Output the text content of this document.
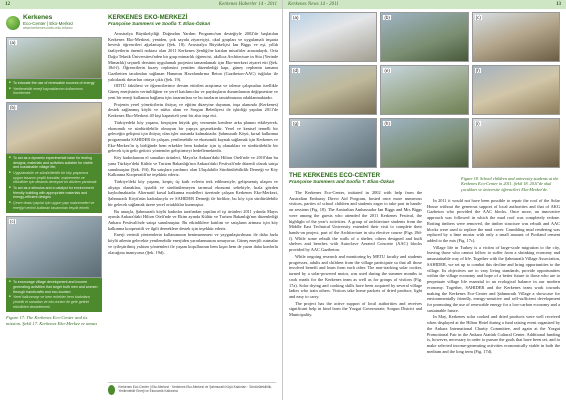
12	Kerkenes Haberler 14 - 2011
Kerkenes
Eco-Center | Eko-Merkez
www.kerkenes.metu.edu.tr/keco
(a)
■ To educate the use of renewable sources of energy
■ Yenilenebilir enerji kaynaklarının kullanımını öncelemek
(b)
■ To act as a dynamic experimental base for testing designs, materials and activities suitable for viable and sustainable village life;
■ Uygulanabilir ve sürdürülebilir bir köy yaşamına uygun tasarım çeşitli konutlar, malzemeler ve etkinlikler için dinamik deneysel bir düzlem yaratmak
■ To act as a stimulus and a catalyst for environment friendly building with appropriate materials and energy-efficient designs
■ Çevre dostu yapılar için uygun yapı malzemeleri ve enerjiyi verimli kullanan tasarımları teşvik etmek
(c)
■ To encourage village development and income generating activities that target both men and women through handicrafts and eco-tourism
■ Yerel kalkınmayı ve hem erkekler hem kadınlara yönelik el sanatları ve eko-turizm ile gelir getirici etkinlikleri desteklemek
Figure 17. The Kerkenes Eco-Center and its mission. Şekil 17. Kerkenes Eko-Merkez ve amacı
KERKENES EKO-MERKEZİ
Françoise Summers ve Soofia T. Elias-Özkan

Avustralya Büyükelçiliği Doğrudan Yardım Programı'nın desteğiyle 2002'de başlatılan Kerkenes Eko-Merkezi, yeniden, çok sayıda ziyaretçiyi, okul grupları ve uygulamalı inşaata heveslı öğrencileri ağırlamıştır (Şek. 18). Avustralya Büyükelçisi Ian Biggs ve eşi, yıllık faaliyetlerin önemli noktası olan 2011 Kerkenes Şenliği'ne katılan misafirler arasındaydı. Orta Doğu Teknik Üniversitesi'nden bir grup mimarlık öğrencisi, akıllıca Architecture in Situ (Yerinde Mimarlık) seçmeli dersinin uygulamalı projesini tamamlamak için Eko-merkezi ziyaret etti (Şek. 18d-f). Öğrencilerin kuzey cephesini yeniden düzenlediği kapı, güney cephenin tamamı Gazibetten tarafından sağlanan Hanımın Havalandırma Beton (Gazibeton-AAC) tuğlalar ile yalıtılarak duvarları ortaya çıktı (Şek. 19).

ODTÜ fakültesi ve öğrencilerince devam ettirilen araştırma ve izleme çalışmaları özellikle Güneş enerjisinin verimliliğine ve yerel katılımcılar ve paydaşların durumlarının değişmesine ve yeni bir enerji kullanım bağlamı için tasarımlara ve bu tarzların tanıtılmasına odaklanmaktadır.

Projenin yerel yöneticilerin ihtiyaç ve eğitim düzeyine dayanan, inşa alanında (Kerkenes) destek sağlanmış köylü ve nüfus alanı ve Sorgun Belediyesi ile işbirliği yapılan 2011'de Kerkenes Eko-Merkezi 40 kişi kapasiteli yeni bir ahır inşa etti.

Türkiyedeki köy yaşamı, kerpiçten büyük göç vermenin kentlere arka planını etkileyerek, ekonomik ve sürdürülebilir olmayan bir yapıya geçmektedir. Yerel ve kentsel temelli bir geleceğin gelişimi için ihtiyaç olan işler arasında kalmaktadır. Şahmuratlı Köyü, kırsal kalkınma programında SAHIDER ile çalışan, yenilenebilir ve ekonomik kaynak sağlamak için Kerkenes ve Eko-Merkez'in iş birliğinde hem erkekler hem kadınlar için iş olanakları ve sürdürülebilir bir gelecek için gelir getirici yöntemler geliştirmeyi hedeflemektedir.

Köy kadınlarının el sanatları ürünleri, Mayıs'ta Ankara'daki Hilton Oteli'nde ve 2010'dan bu yana Türkiye'deki Kültür ve Turizm Bakanlığı'nın Ankara'daki Festivali'nde düzenli olarak satışa sunulmuştur (Şek. 19f). Bu satışlara yardımcı olan Ulaşılabilir Sürdürülebilirlik Derneği ve Köy Kalkınma Kooperatifi'ne teşekkür ederiz.

Türkiye'deki köy yaşamı, kerpiç üç katlı evlerin terk edilmesiyle, gelişmemiş ulaşım ve altyapı olanakları, işsizlik ve sürdürülemeyen tarımsal ekonomi sebebiyle, hızla gözden kaybolmaktadır. Alternatif kırsal kalkınma modelleri üzerinde çalışan Kerkenes Eko-Merkezi, Şahmuratlı Köyü'nün kadınlarıyla ve SAHIDER Derneği ile birlikte, bu köy için sürdürülebilir bir gelecek sağlamak üzere yerel ortaklıklar kurmuştur.

Bu amaçla, Şahmuratlı köylü kadınlar tarafından yapılan el işi ürünleri 2011 yılında Mayıs ayında Ankara'daki Hilton Oteli'nde ve Ekim ayında Kültür ve Turizm Bakanlığı'nın düzenlediği Ankara Festivali'nde satışa sunulmuştur. Bu etkinliklere katılım ve satışların artması için köy kalkınma kooperatifi ve ilgili derneklere destek için teşekkür ederiz.

Enerji verimli yöntemlerin kullanımının benimsenmesi ve yaygınlaştırılması ile daha fazla köylü ailenin gelecekte yenilenebilir enerjiden yararlanmasını umuyoruz. Güneş enerjili ısıtmalar ve iyileştirilmiş yalıtım yöntemleri ile yaşam koşullarının hem kışın hem de yazın daha konforlu olacağına inanıyoruz (Şek. 19d).

Kerkenes Eco-Center | Eko-Merkezi · Kerkenes Eko-Merkezi ve Şahmuratlı Köyü Kadınları · Sürdürülebilirlik, Yenilenebilir Enerji ve Ekonomik Kalkınma
Kerkenes News 14 - 2011	13
(a)	(b)	(c)
(d)	(e)	(f)
(g)	(h)	(i)
THE KERKENES ECO-CENTER
Françoise Summers and Soofia T. Elias-Özkan
Figure 18. School children and university students at the Kerkenes Eco-Center in 2011. Şekil 18. 2011'de okul çocukları ve üniversite öğrencileri Eko-Merkez'de.

The Kerkenes Eco-Center, initiated in 2002 with help from the Australian Embassy Direct Aid Program, hosted once more numerous visitors, parties of school children and students eager to take part in hands-on sessions (Fig. 18). The Australian Ambassador Ian Biggs and Mrs Biggs were among the guests who attended the 2011 Kerkenes Festival, the highlight of the year's activities. A group of architecture students from the Middle East Technical University extended their visit to complete their hands-on project, part of the Architecture in situ elective course (Figs 18d-f). While some rebuilt the walls of a shelter, others designed and built shelves and benches with Autoclave Aerated Concrete (AAC) blocks provided by AAC Gazibeton.

While ongoing research and monitoring by METU faculty and students progresses, adults and children from the village participate so that all those involved benefit and learn from each other. The non-tracking solar cooker, turned by a solar-powered motor, was used during the summer months to cook meals for the Kerkenes team as well as for groups of visitors (Fig. 17a). Solar drying and cooking skills have been acquired by several village ladies who train others. Visitors take home packets of dried produce, light and easy to carry.

The project has the active support of local authorities and receives significant help in kind from the Yozgat Governorate, Sorgun District and Municipality.

In 2011 it would not have been possible to repair the roof of the Solar House without the generous support of local authorities and that of AKG Gazbeton who provided the AAC blocks. Once more, an innovative approach was followed in which the mud roof was completely redone. Rotting timbers were removed, the timber structure was rebuilt and AAC blocks were used to replace the mud cover. Crumbling mud rendering was replaced by a lime mortar with only a small amount of Portland cement added to the mix (Fig. 17c).

Village life in Turkey is a victim of large-scale migration to the city, leaving those who cannot follow to suffer from a shrinking economy and unsustainable way of life. Together with the Şahmuratlı Village Association, SAHIDER, we set up to combat this decline and bring opportunities to the village. Its objectives are to vary living standards, provide opportunities within the village economy and hope of a better future to those who are to perpetuate village life essential to an ecological balance in our modern economy. Together, SAHIDER and the Kerkenes team work towards making the Kerkenes Eco-Center and Şahmuratlı Village a showcase for environmentally friendly, energy-sensitive and self-sufficient development for promoting the use of renewable energy for a low-carbon economy and a sustainable future.

In May, Kerkenes solar cooked and dried products were well received when displayed at the Hilton Hotel during a fund raising event organised by the Ankara International Charity Committee, and again at the Yozgat Promotional Fair in the Ankara Atatürk Cultural Center. Additional funding is, however, necessary in order to pursue the goals that have been set, and to make selected income-generating activities economically viable in both the medium and the long term (Fig. 17d).
